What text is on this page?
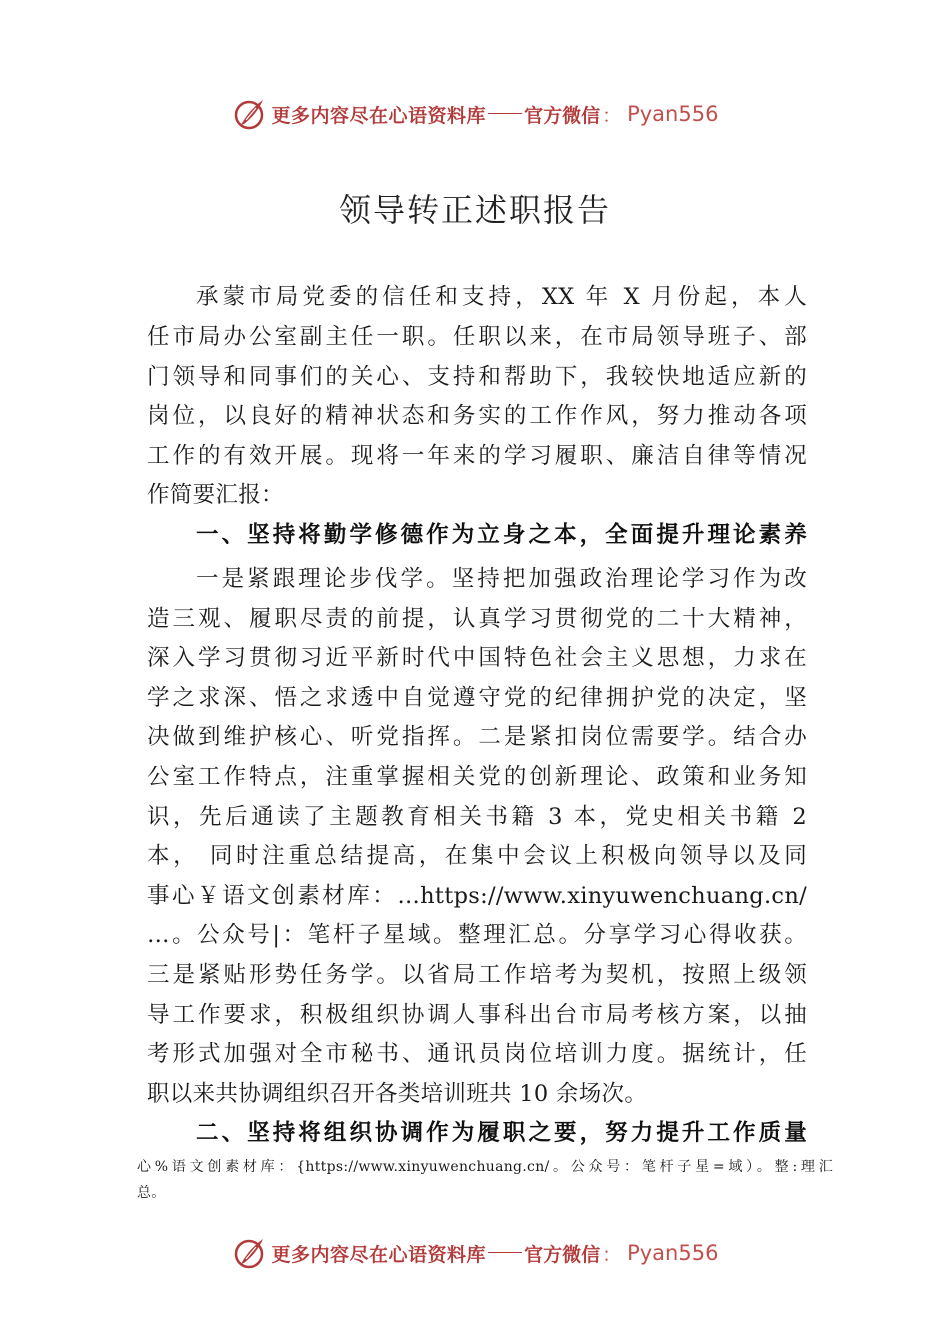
更多内容尽在心语资料库 官方微信 ： Pyan556
领导转正述职报告
承蒙市局党委的信任和支持，XX 年 X 月份起，本人
任市局办公室副主任一职。任职以来，在市局领导班子、部
门领导和同事们的关心、支持和帮助下，我较快地适应新的
岗位，以良好的精神状态和务实的工作作风，努力推动各项
工作的有效开展。现将一年来的学习履职、廉洁自律等情况
作简要汇报：
一、坚持将勤学修德作为立身之本，全面提升理论素养
一是紧跟理论步伐学。坚持把加强政治理论学习作为改
造三观、履职尽责的前提，认真学习贯彻党的二十大精神，
深入学习贯彻习近平新时代中国特色社会主义思想，力求在
学之求深、悟之求透中自觉遵守党的纪律拥护党的决定，坚
决做到维护核心、听党指挥。二是紧扣岗位需要学。结合办
公室工作特点，注重掌握相关党的创新理论、政策和业务知
识，先后通读了主题教育相关书籍 3 本，党史相关书籍 2
本， 同时注重总结提高，在集中会议上积极向领导以及同
事心￥语文创素材库：…https://www.xinyuwenchuang.cn/
…。公众号|：笔杆子星域。整理汇总。分享学习心得收获。
三是紧贴形势任务学。以省局工作培考为契机，按照上级领
导工作要求，积极组织协调人事科出台市局考核方案，以抽
考形式加强对全市秘书、通讯员岗位培训力度。据统计，任
职以来共协调组织召开各类培训班共 10 余场次。
二、坚持将组织协调作为履职之要，努力提升工作质量
心%语文创素材库：{https://www.xinyuwenchuang.cn/。公众号：笔杆子星=域）。整:理汇
总。
更多内容尽在心语资料库 官方微信 ： Pyan556
